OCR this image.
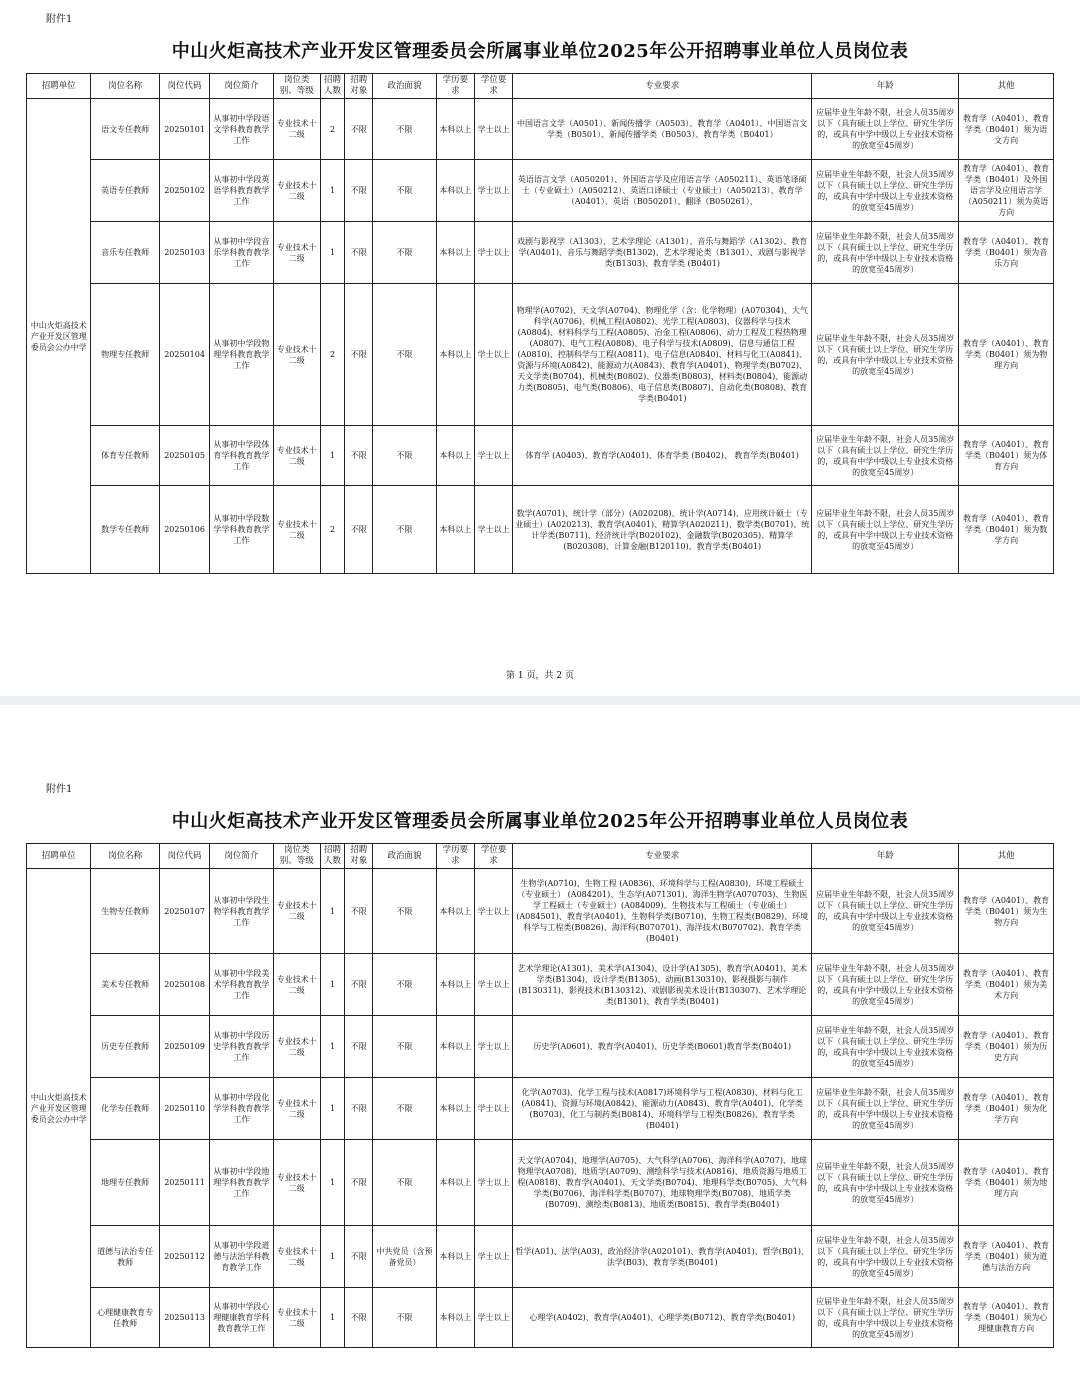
附件1
中山火炬高技术产业开发区管理委员会所属事业单位2025年公开招聘事业单位人员岗位表
招聘单位	岗位名称	岗位代码	岗位简介	岗位类别、等级	招聘人数	招聘对象	政治面貌	学历要求	学位要求	专业要求	年龄	其他
中山火炬高技术产业开发区管理委员会公办中学	语文专任教师	20250101	从事初中学段语文学科教育教学工作	专业技术十二级	2	不限	不限	本科以上	学士以上	中国语言文学（A0501）、新闻传播学（A0503）、教育学（A0401）、中国语言文学类（B0501）、新闻传播学类（B0503）、教育学类（B0401）	应届毕业生年龄不限，社会人员35周岁以下（具有硕士以上学位、研究生学历的，或具有中学中级以上专业技术资格的放宽至45周岁）	教育学（A0401）、教育学类（B0401）须为语文方向
	英语专任教师	20250102	从事初中学段英语学科教育教学工作	专业技术十二级	1	不限	不限	本科以上	学士以上	英语语言文学（A050201）、外国语言学及应用语言学（A050211）、英语笔译硕士（专业硕士）（A050212）、英语口译硕士（专业硕士）（A050213）、教育学（A0401）、英语（B050201）、翻译（B050261）、	应届毕业生年龄不限，社会人员35周岁以下（具有硕士以上学位、研究生学历的，或具有中学中级以上专业技术资格的放宽至45周岁）	教育学（A0401）、教育学类（B0401）及外国语言学及应用语言学（A050211）须为英语方向
	音乐专任教师	20250103	从事初中学段音乐学科教育教学工作	专业技术十二级	1	不限	不限	本科以上	学士以上	戏剧与影视学（A1303）、艺术学理论（A1301）、音乐与舞蹈学（A1302）、教育学(A0401)、音乐与舞蹈学类(B1302)、艺术学理论类（B1301）、戏剧与影视学类(B1303)、教育学类 (B0401)	应届毕业生年龄不限，社会人员35周岁以下（具有硕士以上学位、研究生学历的，或具有中学中级以上专业技术资格的放宽至45周岁）	教育学（A0401）、教育学类（B0401）须为音乐方向
	物理专任教师	20250104	从事初中学段物理学科教育教学工作	专业技术十二级	2	不限	不限	本科以上	学士以上	物理学(A0702)、天文学(A0704)、物理化学（含：化学物理）(A070304)、大气科学(A0706)、机械工程(A0802)、光学工程(A0803)、仪器科学与技术(A0804)、材料科学与工程(A0805)、冶金工程(A0806)、动力工程及工程热物理(A0807)、电气工程(A0808)、电子科学与技术(A0809)、信息与通信工程(A0810)、控制科学与工程(A0811)、电子信息(A0840)、材料与化工(A0841)、资源与环境(A0842)、能源动力(A0843)、教育学(A0401)、物理学类(B0702)、天文学类(B0704)、机械类(B0802)、仪器类(B0803)、材料类(B0804)、能源动力类(B0805)、电气类(B0806)、电子信息类(B0807)、自动化类(B0808)、教育学类(B0401)	应届毕业生年龄不限，社会人员35周岁以下（具有硕士以上学位、研究生学历的，或具有中学中级以上专业技术资格的放宽至45周岁）	教育学（A0401）、教育学类（B0401）须为物理方向
	体育专任教师	20250105	从事初中学段体育学科教育教学工作	专业技术十二级	1	不限	不限	本科以上	学士以上	体育学 (A0403)、教育学(A0401)、体育学类 (B0402)、 教育学类(B0401)	应届毕业生年龄不限，社会人员35周岁以下（具有硕士以上学位、研究生学历的，或具有中学中级以上专业技术资格的放宽至45周岁）	教育学（A0401）、教育学类（B0401）须为体育方向
	数学专任教师	20250106	从事初中学段数学学科教育教学工作	专业技术十二级	2	不限	不限	本科以上	学士以上	数学(A0701)、统计学（部分）(A020208)、统计学(A0714)、应用统计硕士（专业硕士）(A020213)、教育学(A0401)、精算学(A020211)、数学类(B0701)、统计学类(B0711)、经济统计学(B020102)、金融数学(B020305)、精算学(B020308)、计算金融(B120110)、教育学类(B0401)	应届毕业生年龄不限，社会人员35周岁以下（具有硕士以上学位、研究生学历的，或具有中学中级以上专业技术资格的放宽至45周岁）	教育学（A0401）、教育学类（B0401）须为数学方向
第 1 页，共 2 页
附件1
中山火炬高技术产业开发区管理委员会所属事业单位2025年公开招聘事业单位人员岗位表
招聘单位	岗位名称	岗位代码	岗位简介	岗位类别、等级	招聘人数	招聘对象	政治面貌	学历要求	学位要求	专业要求	年龄	其他
中山火炬高技术产业开发区管理委员会公办中学	生物专任教师	20250107	从事初中学段生物学科教育教学工作	专业技术十二级	1	不限	不限	本科以上	学士以上	生物学(A0710)、生物工程 (A0836)、环境科学与工程(A0830)、环境工程硕士（专业硕士） (A084201)、生态学(A071301)、海洋生物学(A070703)、生物医学工程硕士（专业硕士）(A084009)、生物技术与工程硕士（专业硕士）(A084501)、教育学(A0401)、生物科学类(B0710)、生物工程类(B0829)、环境科学与工程类(B0826)、海洋科(B070701)、海洋技术(B070702)、教育学类(B0401)	应届毕业生年龄不限，社会人员35周岁以下（具有硕士以上学位、研究生学历的，或具有中学中级以上专业技术资格的放宽至45周岁）	教育学（A0401）、教育学类（B0401）须为生物方向
	美术专任教师	20250108	从事初中学段美术学科教育教学工作	专业技术十二级	1	不限	不限	本科以上	学士以上	艺术学理论(A1301)、美术学(A1304)、设计学(A1305)、教育学(A0401)、美术学类(B1304)、设计学类(B1305)、动画(B130310)、影视摄影与制作(B130311)、影视技术(B130312)、戏剧影视美术设计(B130307)、艺术学理论类(B1301)、教育学类(B0401)	应届毕业生年龄不限，社会人员35周岁以下（具有硕士以上学位、研究生学历的，或具有中学中级以上专业技术资格的放宽至45周岁）	教育学（A0401）、教育学类（B0401）须为美术方向
	历史专任教师	20250109	从事初中学段历史学科教育教学工作	专业技术十二级	1	不限	不限	本科以上	学士以上	历史学(A0601)、教育学(A0401)、历史学类(B0601)教育学类(B0401)	应届毕业生年龄不限，社会人员35周岁以下（具有硕士以上学位、研究生学历的，或具有中学中级以上专业技术资格的放宽至45周岁）	教育学（A0401）、教育学类（B0401）须为历史方向
	化学专任教师	20250110	从事初中学段化学学科教育教学工作	专业技术十二级	1	不限	不限	本科以上	学士以上	化学(A0703)、化学工程与技术(A0817)环境科学与工程(A0830)、材料与化工(A0841)、资源与环境(A0842)、能源动力(A0843)、教育学(A0401)、化学类(B0703)、化工与制药类(B0814)、环境科学与工程类(B0826)、教育学类(B0401)	应届毕业生年龄不限，社会人员35周岁以下（具有硕士以上学位、研究生学历的，或具有中学中级以上专业技术资格的放宽至45周岁）	教育学（A0401）、教育学类（B0401）须为化学方向
	地理专任教师	20250111	从事初中学段地理学科教育教学工作	专业技术十二级	1	不限	不限	本科以上	学士以上	天文学(A0704)、地理学(A0705)、大气科学(A0706)、海洋科学(A0707)、地球物理学(A0708)、地质学(A0709)、测绘科学与技术(A0816)、地质资源与地质工程(A0818)、教育学(A0401)、天文学类(B0704)、地理科学类(B0705)、大气科学类(B0706)、海洋科学类(B0707)、地球物理学类(B0708)、地质学类(B0709)、测绘类(B0813)、地质类(B0815)、教育学类(B0401)	应届毕业生年龄不限，社会人员35周岁以下（具有硕士以上学位、研究生学历的，或具有中学中级以上专业技术资格的放宽至45周岁）	教育学（A0401）、教育学类（B0401）须为地理方向
	道德与法治专任教师	20250112	从事初中学段道德与法治学科教育教学工作	专业技术十二级	1	不限	中共党员（含预备党员）	本科以上	学士以上	哲学(A01)、法学(A03)、政治经济学(A020101)、教育学(A0401)、哲学(B01)、法学(B03)、教育学类(B0401)	应届毕业生年龄不限，社会人员35周岁以下（具有硕士以上学位、研究生学历的，或具有中学中级以上专业技术资格的放宽至45周岁）	教育学（A0401）、教育学类（B0401）须为道德与法治方向
	心理健康教育专任教师	20250113	从事初中学段心理健康教育学科教育教学工作	专业技术十二级	1	不限	不限	本科以上	学士以上	心理学(A0402)、教育学(A0401)、心理学类(B0712)、教育学类(B0401)	应届毕业生年龄不限，社会人员35周岁以下（具有硕士以上学位、研究生学历的，或具有中学中级以上专业技术资格的放宽至45周岁）	教育学（A0401）、教育学类（B0401）须为心理健康教育方向
